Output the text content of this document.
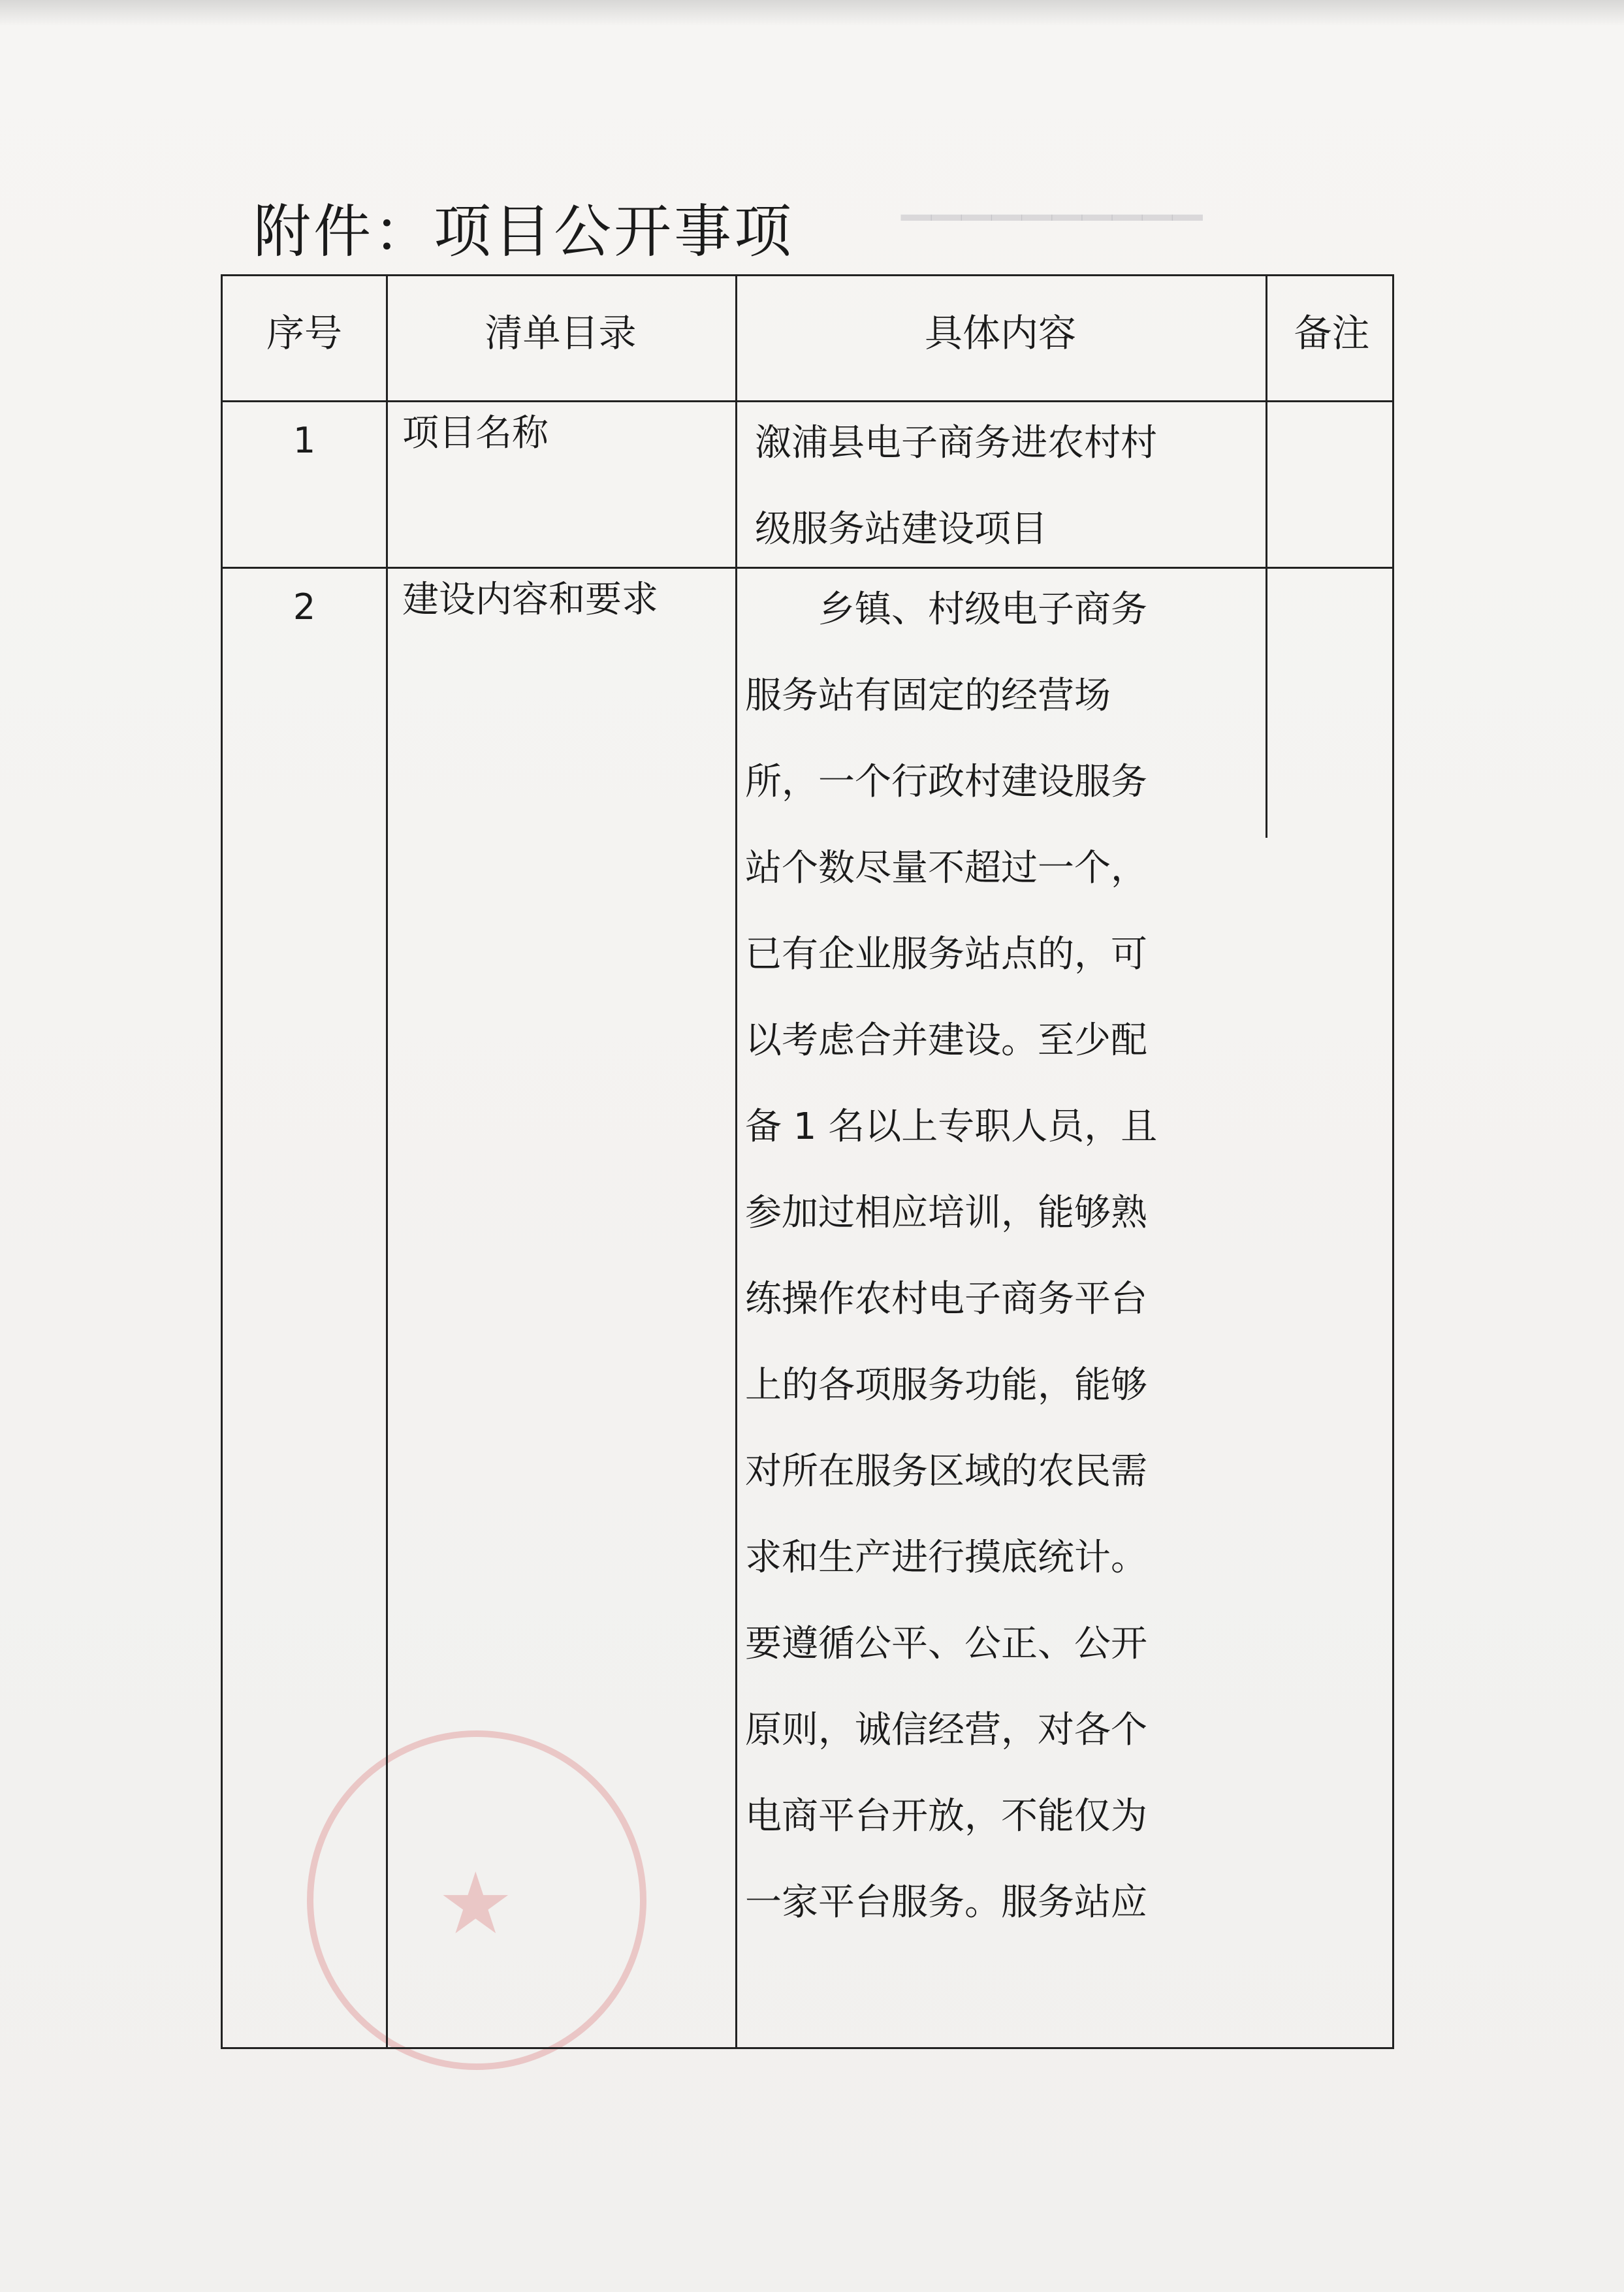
▔▔▔▔▔▔▔▔▔▔
★
附件：项目公开事项
序号	清单目录	具体内容	备注
1	项目名称	溆浦县电子商务进农村村
级服务站建设项目
2	建设内容和要求	乡镇、村级电子商务
服务站有固定的经营场
所，一个行政村建设服务
站个数尽量不超过一个，
已有企业服务站点的，可
以考虑合并建设。至少配
备 1 名以上专职人员，且
参加过相应培训，能够熟
练操作农村电子商务平台
上的各项服务功能，能够
对所在服务区域的农民需
求和生产进行摸底统计。
要遵循公平、公正、公开
原则，诚信经营，对各个
电商平台开放，不能仅为
一家平台服务。服务站应
